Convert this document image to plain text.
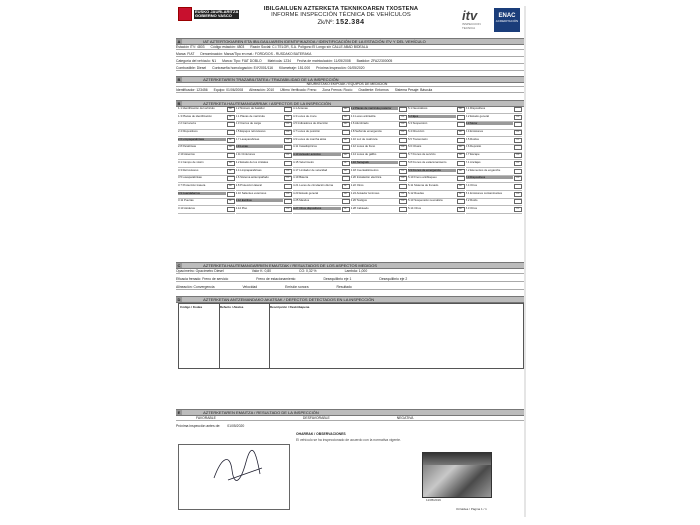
EUSKO JAURLARITZA
GOBIERNO VASCO
IBILGAILUEN AZTERKETA TEKNIKOAREN TXOSTENA
INFORME INSPECCIÓN TÉCNICA DE VEHÍCULOS
Zk/Nº: 152.384	itv
INSPECCION TECNICA
ENAC
ACREDITACIÓN
A	IAT AZTERTOKIAREN ETA IBILGAILUAREN IDENTIFIKAZIOA / IDENTIFICACIÓN DE LA ESTACIÓN ITV Y DEL VEHÍCULO
Estación ITV: 4803 Código estación: 4803 Razón Social: C.I.TELOR, S.A. Polígono El Longo s/n CALLE ABAD BIDEALA
Marca: FIAT Denominación: Marca/Tipo en mat.: FORD/DOS - RUSDAKO BATERAKA
Categoría del vehículo: N1 Marca: Tipo: FIAT DOBLO Matrícula: 1234 Fecha de matriculación: 11/05/2008 Bastidor: ZFA22300005
Combustible: Diesel Contraseña homologación: E4*2001/116 Kilometraje: 151.000 Próxima Inspección: 01/05/2020
B	AZTERKETAREN TRAZABILITATEA / TRAZABILIDAD DE LA INSPECCIÓN
NEURKETAKO EKIPOAK / EQUIPOS DE MEDICIÓN
Identificador: 123456 Equipo: 01/06/2008 Alineación: 2010 Último Verificado: Freno Zona Frenos: Rocío Gradiente: Entornos Sistema Pesaje: Báscula
B	AZTERKETA HAUTEMANGARRIAK / ASPECTOS DE LA INSPECCIÓN
1.1 Identificación del vehículo	DF	1.2 Número de bastidor	4.1 Antenas	DF	4.2 Placas de matrícula posterior	5.1 Neumáticos	DF	6.1 Dispositivos
1.3 Placas de identificación	DL	2.1 Placas de matrícula	DL	4.3 Luces de cruce	DF	4.4 Luces antiniebla	DL	5.2 Ejes	6.2 Estado general	DF
2.2 Carrocería	2.3 Cierres de carga	DL	4.5 Indicadores de dirección	DF	4.6 Alumbrado	DF	5.3 Suspensión	6.3 Motor
2.4 Dispositivos	2.5 Espejos retrovisores	DF	4.7 Luces de posición	4.8 Señal de emergencia	DL	5.4 Dirección	DF	6.4 Emisiones	DL
2.6 Limpiaparabrisas	DL	2.7 Lavaparabrisas	DF	4.9 Luces de marcha atrás	DF	4.10 Luz de matrícula	5.5 Transmisión	6.5 Ruidos	DL
2.8 Parabrisas	DF	2.9 Lunas	4.11 Catadióptricos	4.12 Luces de freno	DF	5.6 Chasis	DF	6.6 Depósito
2.10 Asientos	2.11 Cinturones	DL	4.13 Avisador acústico	DF	4.14 Luces de gálibo	5.7 Frenos de servicio	DF	6.7 Escape	DF
3.1 Campo de visión	DF	3.2 Estado de los cristales	4.15 Velocímetro	DL	4.16 Tacógrafo	5.8 Frenos de estacionamiento	7.1 Anclajes	DL
3.3 Retrovisores	DL	3.4 Limpiaparabrisas	DF	4.17 Limitador de velocidad	DF	4.18 Cuentakilómetros	DL	5.9 Frenos de emergencia	DF	7.2 Elementos de enganche
3.5 Lavaparabrisas	3.6 Sistema antiempañado	DL	4.19 Batería	4.20 Instalación eléctrica	DF	5.10 Freno antibloqueo	7.3 Dispositivos	DF
3.7 Protección trasera	DF	3.8 Protección lateral	4.21 Luces de circulación diurna	DL	4.22 Otros	5.11 Sistema de frenado	DF	7.4 Otros
3.9 Guardabarros	3.10 Salientes exteriores	DF	4.23 Estado general	DF	4.24 Avisador luminoso	DL	5.12 Ruedas	DL	8.1 Emisiones contaminantes	DF
3.11 Puertas	DL	3.12 Estribos	4.25 Mandos	4.26 Testigos	DF	5.13 Suspensión neumática	8.2 Ruido
3.13 Asideros	3.14 Piso	DF	4.27 Otros dispositivos	DL	4.28 Cableado	5.14 Otros	DF	8.3 Otros	DL
C	AZTERKETA HAUTEMANGARRIEN EMAITZAK / RESULTADOS DE LOS ASPECTOS MEDIDOS
Opacímetro: Opacímetro Diesel	Valor K: 0,80	CO: 0,32 %	Lambda: 1,000
Eficacia frenado: Freno de servicio	Freno de estacionamiento	Desequilibrio eje 1	Desequilibrio eje 2
Alineación: Convergencia	Velocidad	Emisión sonora	Resultado
D	AZTERKETAN ANTZEMANDAKO AKATSAK / DEFECTOS DETECTADOS EN LA INSPECCIÓN
Código / Kodea	Defecto / Akatsa	Descripción / Deskribapena
E	AZTERKETAREN EMAITZA / RESULTADO DE LA INSPECCIÓN
FAVORABLE	DESFAVORABLE	NEGATIVA
Próxima inspección antes de: 01/05/2020
OHARRAK / OBSERVACIONES
El vehículo se ha inspeccionado de acuerdo con la normativa vigente.
11/05/2019
Orrialdea / Página 1 / 1
